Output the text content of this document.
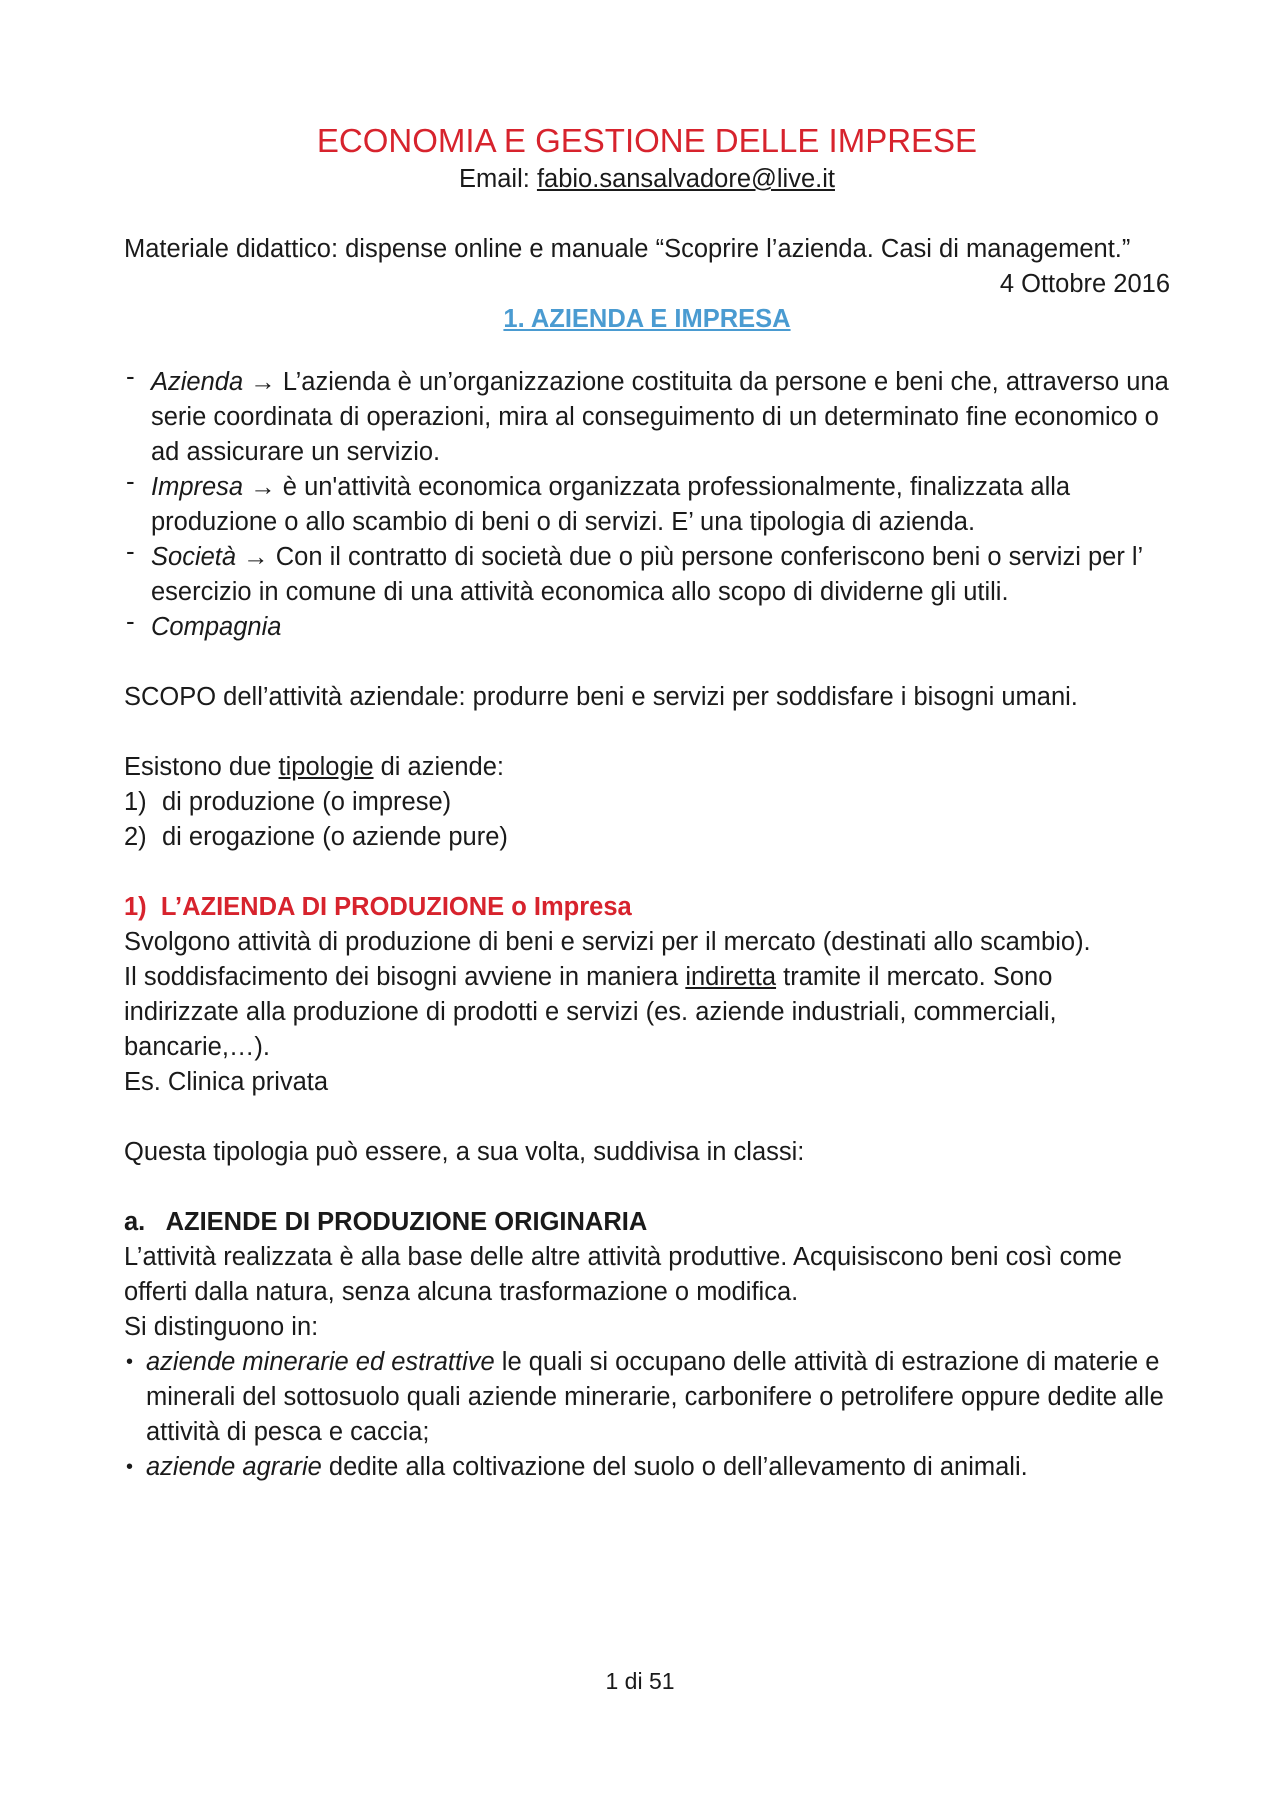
ECONOMIA E GESTIONE DELLE IMPRESE

Email: fabio.sansalvadore@live.it

Materiale didattico: dispense online e manuale “Scoprire l’azienda. Casi di management.”

4 Ottobre 2016

1. AZIENDA E IMPRESA

- Azienda → L’azienda è un’organizzazione costituita da persone e beni che, attraverso una serie coordinata di operazioni, mira al conseguimento di un determinato fine economico o ad assicurare un servizio.
- Impresa → è un'attività economica organizzata professionalmente, finalizzata alla produzione o allo scambio di beni o di servizi. E’ una tipologia di azienda.
- Società → Con il contratto di società due o più persone conferiscono beni o servizi per l’ esercizio in comune di una attività economica allo scopo di dividerne gli utili.
- Compagnia

SCOPO dell’attività aziendale: produrre beni e servizi per soddisfare i bisogni umani.

Esistono due tipologie di aziende:

1) di produzione (o imprese)
2) di erogazione (o aziende pure)

1)  L’AZIENDA DI PRODUZIONE o Impresa

Svolgono attività di produzione di beni e servizi per il mercato (destinati allo scambio).

Il soddisfacimento dei bisogni avviene in maniera indiretta tramite il mercato. Sono indirizzate alla produzione di prodotti e servizi (es. aziende industriali, commerciali, bancarie,…).

Es. Clinica privata

Questa tipologia può essere, a sua volta, suddivisa in classi:

a.   AZIENDE DI PRODUZIONE ORIGINARIA

L’attività realizzata è alla base delle altre attività produttive. Acquisiscono beni così come offerti dalla natura, senza alcuna trasformazione o modifica.

Si distinguono in:

• aziende minerarie ed estrattive le quali si occupano delle attività di estrazione di materie e minerali del sottosuolo quali aziende minerarie, carbonifere o petrolifere oppure dedite alle attività di pesca e caccia;
• aziende agrarie dedite alla coltivazione del suolo o dell’allevamento di animali.
1 di 51
